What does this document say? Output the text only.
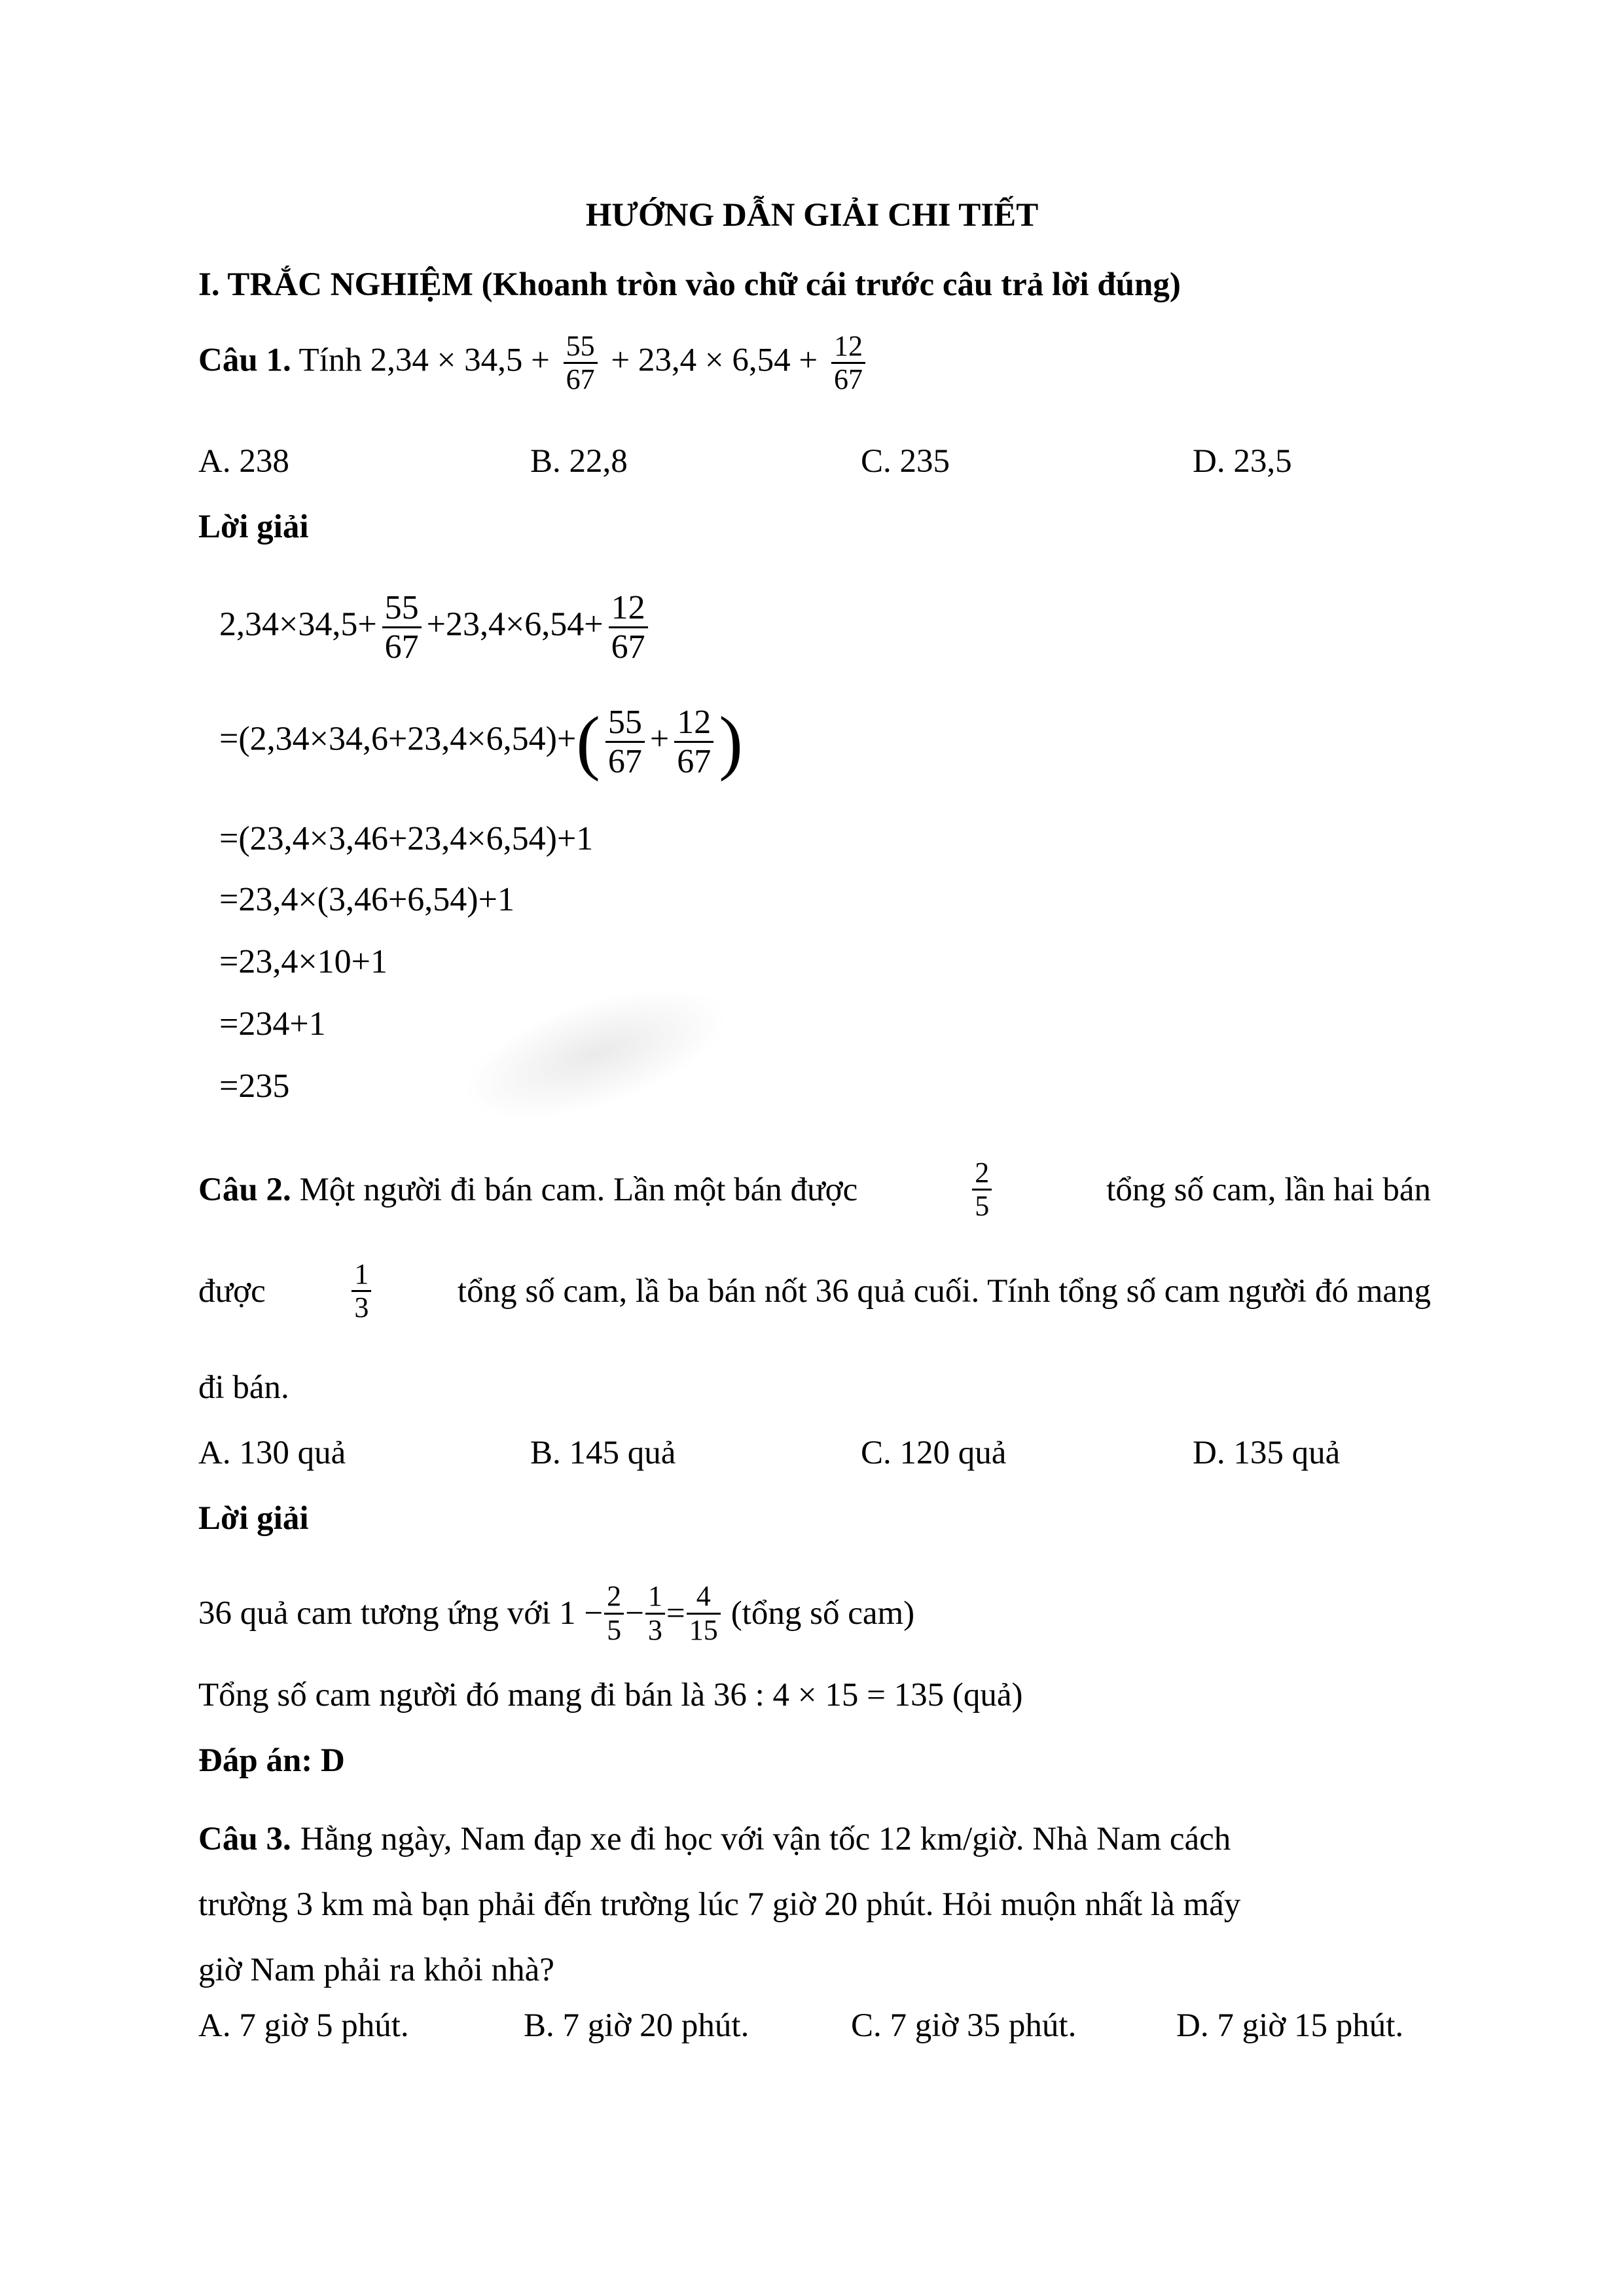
HƯỚNG DẪN GIẢI CHI TIẾT
I. TRẮC NGHIỆM (Khoanh tròn vào chữ cái trước câu trả lời đúng)
Câu 1. Tính $2,34 \times 34,5 + \frac{55}{67} + 23,4 \times 6,54 + \frac{12}{67}$
A. 238	B. 22,8	C. 235	D. 23,5
Lời giải
$2,34\times 34,5+ \frac{55}{67} +23,4\times 6,54+ \frac{12}{67}$
$=(2,34\times 34,6+23,4\times 6,54)+( \frac{55}{67} + \frac{12}{67}$ )
=(23,4×3,46+23,4×6,54)+1
=23,4×(3,46+6,54)+1
=23,4×10+1
=234+1
=235
Câu 2. Một người đi bán cam. Lần một bán được	$\frac{2}{5}$	tổng số cam, lần hai bán
được	$\frac{1}{3}$	tổng số cam, lầ ba bán nốt 36 quả cuối. Tính tổng số cam người đó mang
đi bán.
A. 130 quả	B. 145 quả	C. 120 quả	D. 135 quả
Lời giải
36 quả cam tương ứng với $1 - \frac{2}{5} - \frac{1}{3} = \frac{4}{15}$ (tổng số cam)
Tổng số cam người đó mang đi bán là 36 : 4 × 15 = 135 (quả)
Đáp án: D
Câu 3. Hằng ngày, Nam đạp xe đi học với vận tốc 12 km/giờ. Nhà Nam cách
trường 3 km mà bạn phải đến trường lúc 7 giờ 20 phút. Hỏi muộn nhất là mấy
giờ Nam phải ra khỏi nhà?
A. 7 giờ 5 phút.	B. 7 giờ 20 phút.	C. 7 giờ 35 phút.	D. 7 giờ 15 phút.
